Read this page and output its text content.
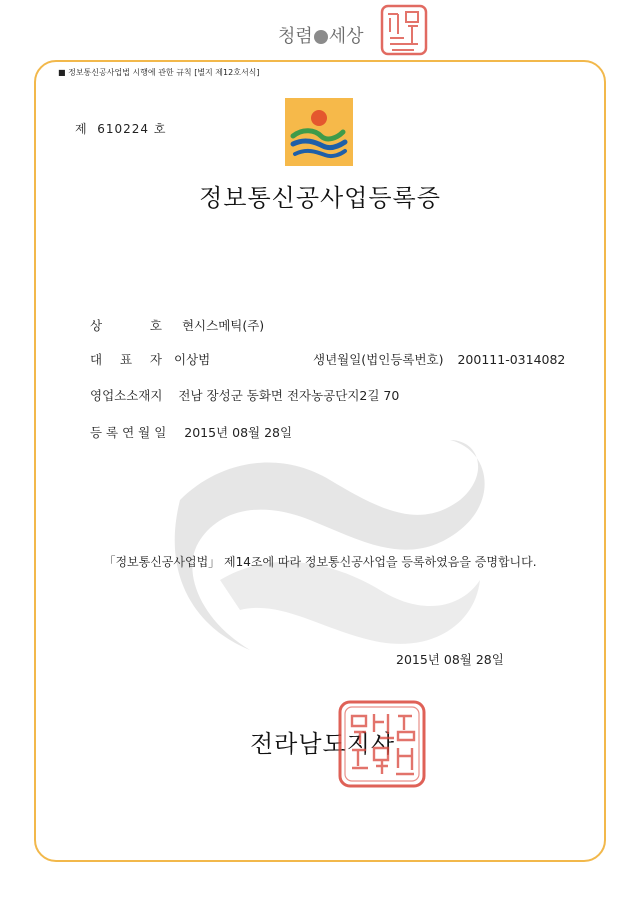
청렴 세상
■ 정보통신공사업법 시행에 관한 규칙 [별지 제12호서식]
제 610224 호
정보통신공사업등록증
상 호 현시스메틱(주)
대 표 자 이상범	생년월일(법인등록번호) 200111-0314082
영업소소재지 전남 장성군 동화면 전자농공단지2길 70
등 록 연 월 일 2015년 08월 28일
「정보통신공사업법」 제14조에 따라 정보통신공사업을 등록하였음을 증명합니다.
2015년 08월 28일
전라남도지사
